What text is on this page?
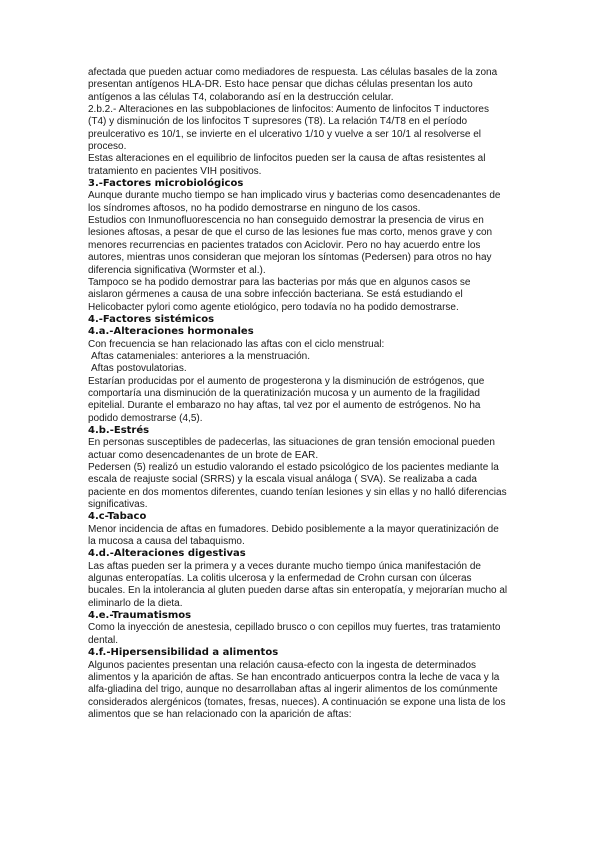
afectada que pueden actuar como mediadores de respuesta. Las células basales de la zona presentan antígenos HLA-DR. Esto hace pensar que dichas células presentan los auto antígenos a las células T4, colaborando así en la destrucción celular.

2.b.2.- Alteraciones en las subpoblaciones de linfocitos: Aumento de linfocitos T inductores (T4) y disminución de los linfocitos T supresores (T8). La relación T4/T8 en el período preulcerativo es 10/1, se invierte en el ulcerativo 1/10 y vuelve a ser 10/1 al resolverse el proceso.

Estas alteraciones en el equilibrio de linfocitos pueden ser la causa de aftas resistentes al tratamiento en pacientes VIH positivos.

3.-Factores microbiológicos

Aunque durante mucho tiempo se han implicado virus y bacterias como desencadenantes de los síndromes aftosos, no ha podido demostrarse en ninguno de los casos.

Estudios con Inmunofluorescencia no han conseguido demostrar la presencia de virus en lesiones aftosas, a pesar de que el curso de las lesiones fue mas corto, menos grave y con menores recurrencias en pacientes tratados con Aciclovir. Pero no hay acuerdo entre los autores, mientras unos consideran que mejoran los síntomas (Pedersen) para otros no hay diferencia significativa (Wormster et al.).

Tampoco se ha podido demostrar para las bacterias por más que en algunos casos se aislaron gérmenes a causa de una sobre infección bacteriana. Se está estudiando el Helicobacter pylori como agente etiológico, pero todavía no ha podido demostrarse.

4.-Factores sistémicos
4.a.-Alteraciones hormonales

Con frecuencia se han relacionado las aftas con el ciclo menstrual:

Aftas catameniales: anteriores a la menstruación.

Aftas postovulatorias.

Estarían producidas por el aumento de progesterona y la disminución de estrógenos, que comportaría una disminución de la queratinización mucosa y un aumento de la fragilidad epitelial. Durante el embarazo no hay aftas, tal vez por el aumento de estrógenos. No ha podido demostrarse (4,5).

4.b.-Estrés

En personas susceptibles de padecerlas, las situaciones de gran tensión emocional pueden actuar como desencadenantes de un brote de EAR.

Pedersen (5) realizó un estudio valorando el estado psicológico de los pacientes mediante la escala de reajuste social (SRRS) y la escala visual análoga ( SVA). Se realizaba a cada paciente en dos momentos diferentes, cuando tenían lesiones y sin ellas y no halló diferencias significativas.

4.c-Tabaco

Menor incidencia de aftas en fumadores. Debido posiblemente a la mayor queratinización de la mucosa a causa del tabaquismo.

4.d.-Alteraciones digestivas

Las aftas pueden ser la primera y a veces durante mucho tiempo única manifestación de algunas enteropatías. La colitis ulcerosa y la enfermedad de Crohn cursan con úlceras bucales. En la intolerancia al gluten pueden darse aftas sin enteropatía, y mejorarían mucho al eliminarlo de la dieta.

4.e.-Traumatismos

Como la inyección de anestesia, cepillado brusco o con cepillos muy fuertes, tras tratamiento dental.

4.f.-Hipersensibilidad a alimentos

Algunos pacientes presentan una relación causa-efecto con la ingesta de determinados alimentos y la aparición de aftas. Se han encontrado anticuerpos contra la leche de vaca y la alfa-gliadina del trigo, aunque no desarrollaban aftas al ingerir alimentos de los comúnmente considerados alergénicos (tomates, fresas, nueces). A continuación se expone una lista de los alimentos que se han relacionado con la aparición de aftas:
